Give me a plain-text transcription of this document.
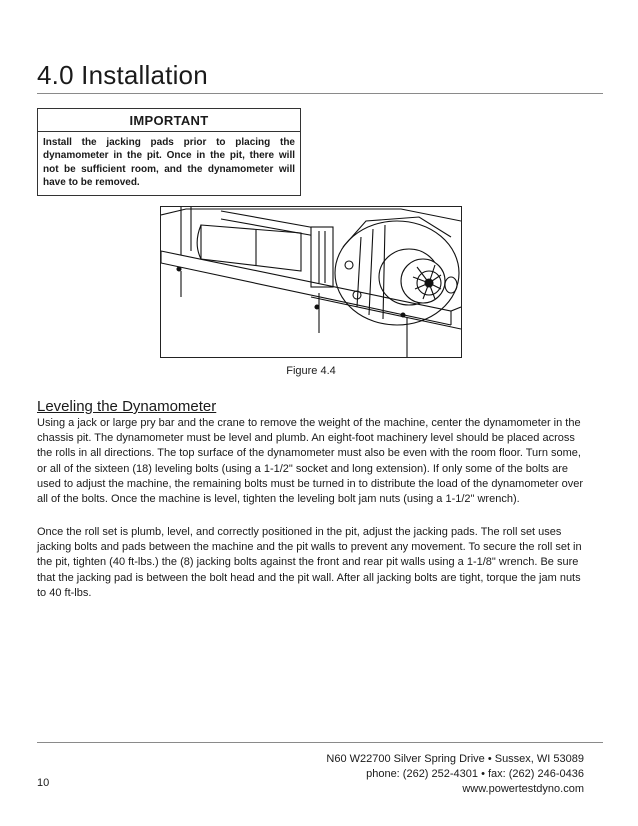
4.0 Installation
IMPORTANT
Install the jacking pads prior to placing the dynamometer in the pit. Once in the pit, there will not be sufficient room, and the dynamometer will have to be removed.
Figure 4.4
Leveling the Dynamometer

Using a jack or large pry bar and the crane to remove the weight of the machine, center the dynamometer in the chassis pit. The dynamometer must be level and plumb. An eight-foot machinery level should be placed across the rolls in all directions. The top surface of the dynamometer must also be even with the room floor. Turn some, or all of the sixteen (18) leveling bolts (using a 1-1/2" socket and long extension). If only some of the bolts are used to adjust the machine, the remaining bolts must be turned in to distribute the load of the dynamometer over all of the bolts. Once the machine is level, tighten the leveling bolt jam nuts (using a 1-1/2" wrench).

Once the roll set is plumb, level, and correctly positioned in the pit, adjust the jacking pads. The roll set uses jacking bolts and pads between the machine and the pit walls to prevent any movement. To secure the roll set in the pit, tighten (40 ft-lbs.) the (8) jacking bolts against the front and rear pit walls using a 1-1/8" wrench. Be sure that the jacking pad is between the bolt head and the pit wall. After all jacking bolts are tight, torque the jam nuts to 40 ft-lbs.

N60 W22700 Silver Spring Drive • Sussex, WI 53089
phone: (262) 252-4301 • fax: (262) 246-0436
www.powertestdyno.com
10
